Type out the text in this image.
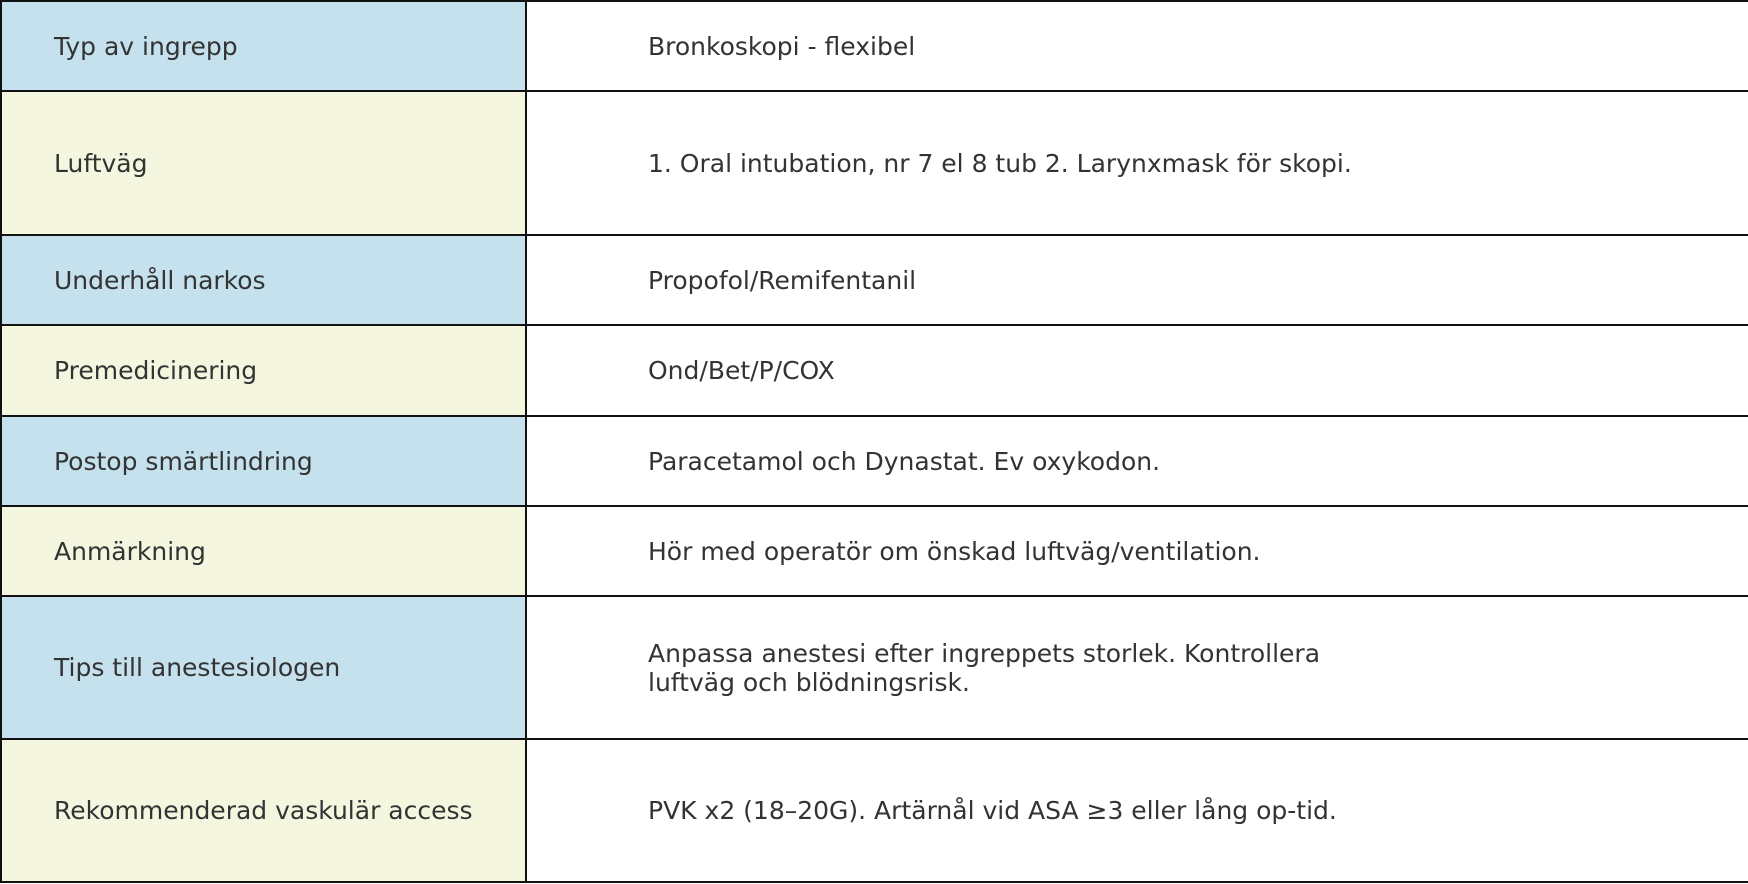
Typ av ingrepp	Bronkoskopi - flexibel
Luftväg	1. Oral intubation, nr 7 el 8 tub 2. Larynxmask för skopi.
Underhåll narkos	Propofol/Remifentanil
Premedicinering	Ond/Bet/P/COX
Postop smärtlindring	Paracetamol och Dynastat. Ev oxykodon.
Anmärkning	Hör med operatör om önskad luftväg/ventilation.
Tips till anestesiologen	Anpassa anestesi efter ingreppets storlek. Kontrollera luftväg och blödningsrisk.
Rekommenderad vaskulär access	PVK x2 (18–20G). Artärnål vid ASA ≥3 eller lång op-tid.
